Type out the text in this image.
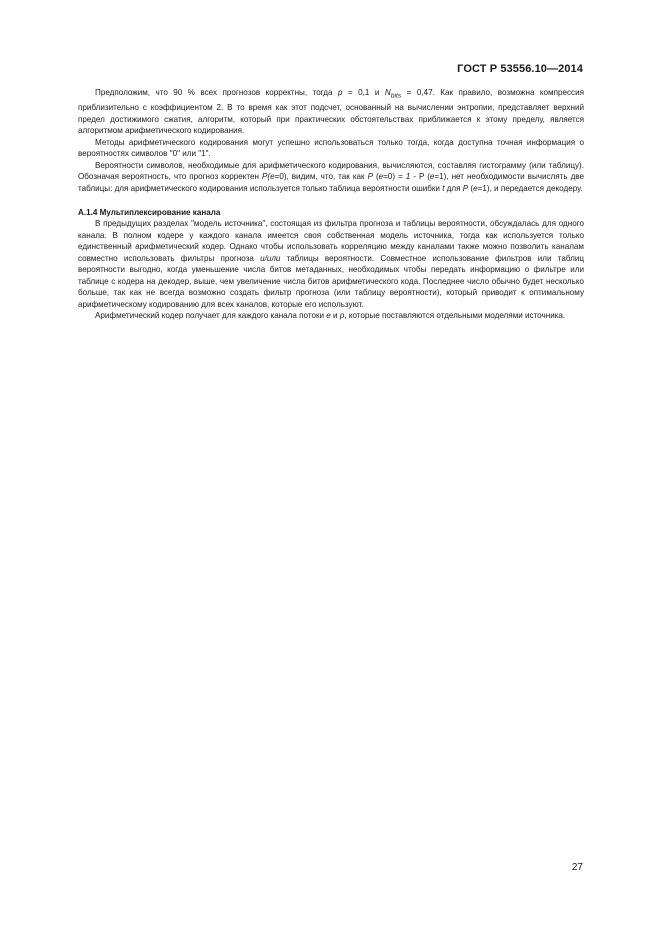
ГОСТ Р 53556.10—2014

Предположим, что 90 % всех прогнозов корректны, тогда p = 0,1 и $N_{bits} = 0,47$. Как правило, возможна компрессия приблизительно с коэффициентом 2. В то время как этот подсчет, основанный на вычислении энтропии, представляет верхний предел достижимого сжатия, алгоритм, который при практических обстоятельствах приближается к этому пределу, является алгоритмом арифметического кодирования.

Методы арифметического кодирования могут успешно использоваться только тогда, когда доступна точная информация о вероятностях символов "0" или "1".

Вероятности символов, необходимые для арифметического кодирования, вычисляются, составляя гистограмму (или таблицу). Обозначая вероятность, что прогноз корректен P(e=0), видим, что, так как P (e=0) = 1 - P (e=1), нет необходимости вычислять две таблицы: для арифметического кодирования используется только таблица вероятности ошибки t для P (e=1), и передается декодеру.

А.1.4 Мультиплексирование канала

В предыдущих разделах "модель источника", состоящая из фильтра прогноза и таблицы вероятности, обсуждалась для одного канала. В полном кодере у каждого канала имеется своя собственная модель источника, тогда как используется только единственный арифметический кодер. Однако чтобы использовать корреляцию между каналами также можно позволить каналам совместно использовать фильтры прогноза и/или таблицы вероятности. Совместное использование фильтров или таблиц вероятности выгодно, когда уменьшение числа битов метаданных, необходимых чтобы передать информацию о фильтре или таблице с кодера на декодер, выше, чем увеличение числа битов арифметического кода. Последнее число обычно будет несколько больше, так как не всегда возможно создать фильтр прогноза (или таблицу вероятности), который приводит к оптимальному арифметическому кодированию для всех каналов, которые его используют.

Арифметический кодер получает для каждого канала потоки e и p, которые поставляются отдельными моделями источника.

27
